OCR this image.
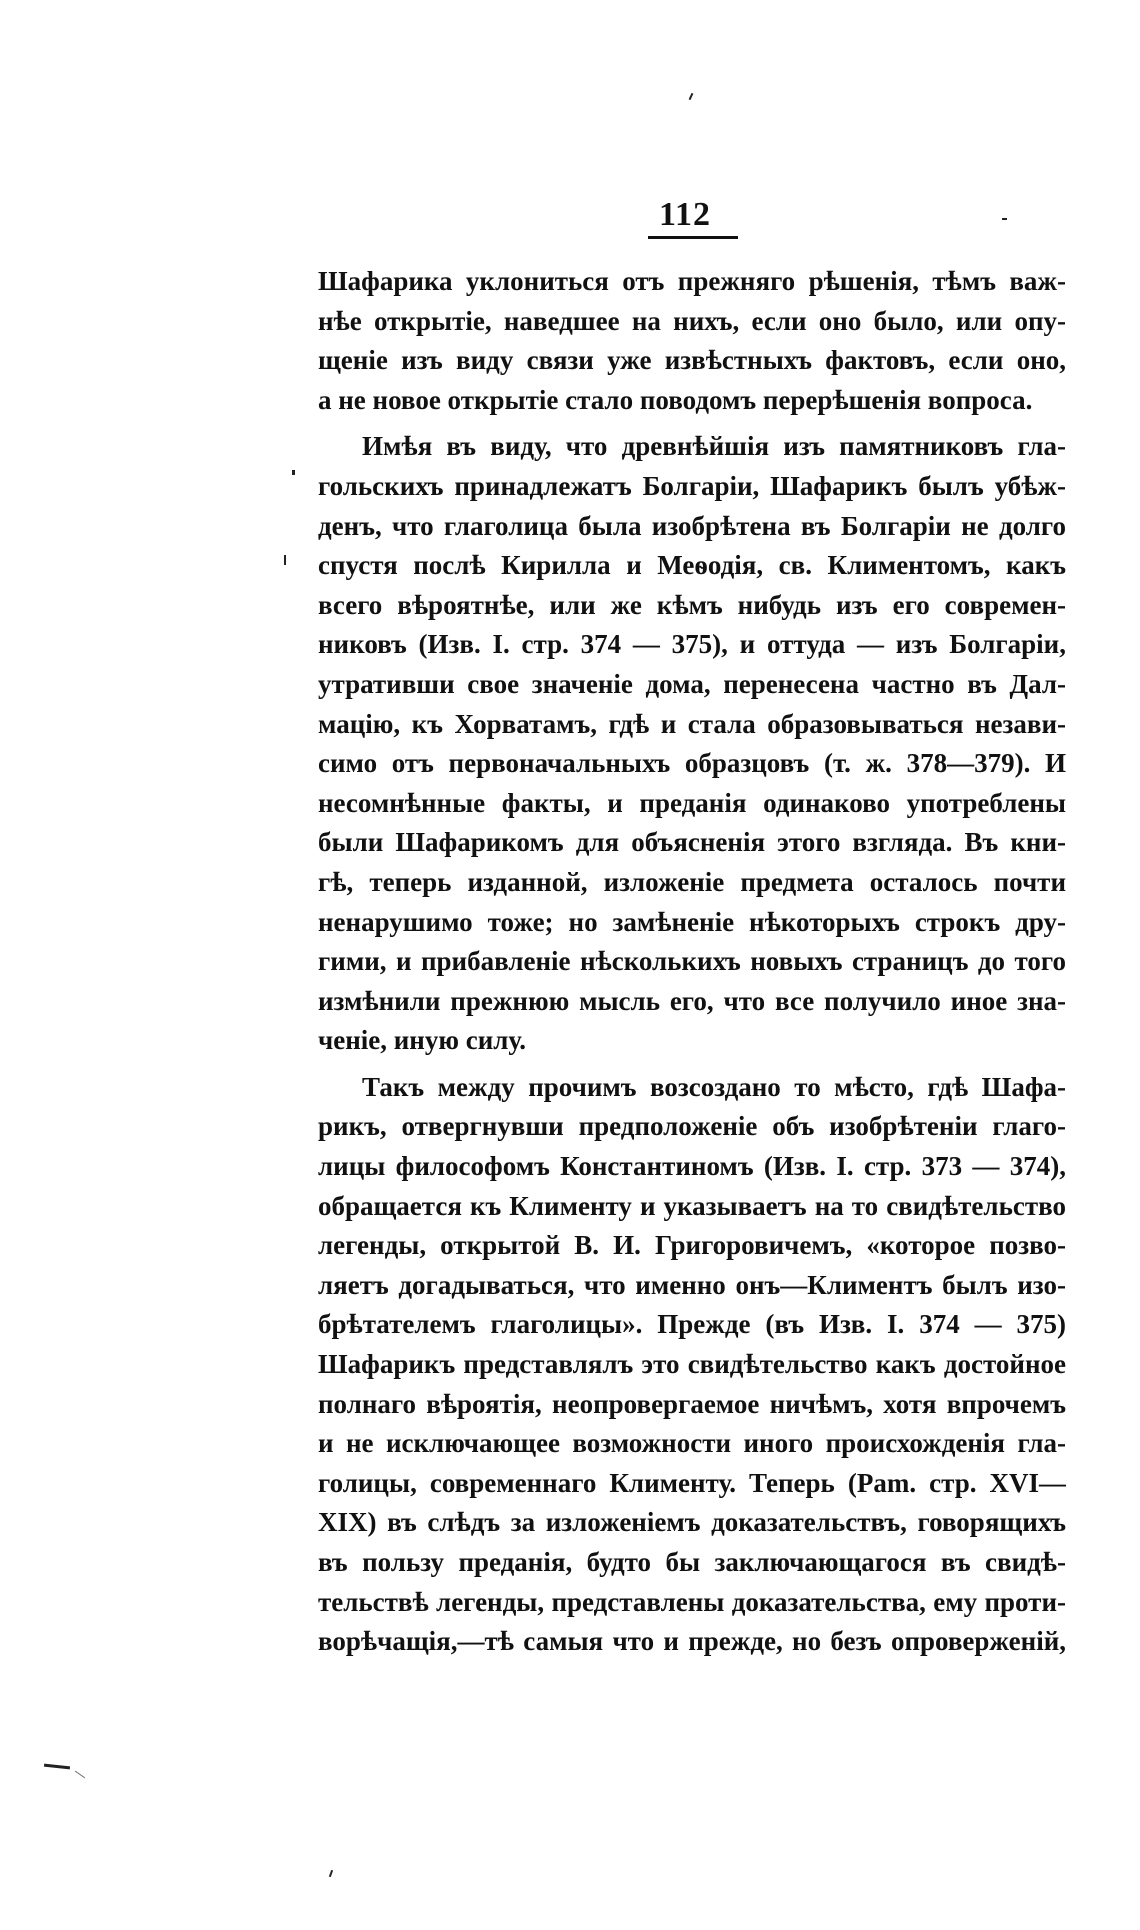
112
Шафарика уклониться отъ прежняго рѣшенія, тѣмъ важ-
нѣе открытіе, наведшее на нихъ, если оно было, или опу-
щеніе изъ виду связи уже извѣстныхъ фактовъ, если оно,
а не новое открытіе стало поводомъ перерѣшенія вопроса.
Имѣя въ виду, что древнѣйшія изъ памятниковъ гла-
гольскихъ принадлежатъ Болгаріи, Шафарикъ былъ убѣж-
денъ, что глаголица была изобрѣтена въ Болгаріи не долго
спустя послѣ Кирилла и Меѳодія, св. Климентомъ, какъ
всего вѣроятнѣе, или же кѣмъ нибудь изъ его современ-
никовъ (Изв. I. стр. 374 — 375), и оттуда — изъ Болгаріи,
утративши свое значеніе дома, перенесена частно въ Дал-
мацію, къ Хорватамъ, гдѣ и стала образовываться незави-
симо отъ первоначальныхъ образцовъ (т. ж. 378—379). И
несомнѣнные факты, и преданія одинаково употреблены
были Шафарикомъ для объясненія этого взгляда. Въ кни-
гѣ, теперь изданной, изложеніе предмета осталось почти
ненарушимо тоже; но замѣненіе нѣкоторыхъ строкъ дру-
гими, и прибавленіе нѣсколькихъ новыхъ страницъ до того
измѣнили прежнюю мысль его, что все получило иное зна-
ченіе, иную силу.
Такъ между прочимъ возсоздано то мѣсто, гдѣ Шафа-
рикъ, отвергнувши предположеніе объ изобрѣтеніи глаго-
лицы философомъ Константиномъ (Изв. I. стр. 373 — 374),
обращается къ Клименту и указываетъ на то свидѣтельство
легенды, открытой В. И. Григоровичемъ, «которое позво-
ляетъ догадываться, что именно онъ—Климентъ былъ изо-
брѣтателемъ глаголицы». Прежде (въ Изв. I. 374 — 375)
Шафарикъ представлялъ это свидѣтельство какъ достойное
полнаго вѣроятія, неопровергаемое ничѣмъ, хотя впрочемъ
и не исключающее возможности иного происхожденія гла-
голицы, современнаго Клименту. Теперь (Pam. стр. XVI—
XIX) въ слѣдъ за изложеніемъ доказательствъ, говорящихъ
въ пользу преданія, будто бы заключающагося въ свидѣ-
тельствѣ легенды, представлены доказательства, ему проти-
ворѣчащія,—тѣ самыя что и прежде, но безъ опроверженій,
